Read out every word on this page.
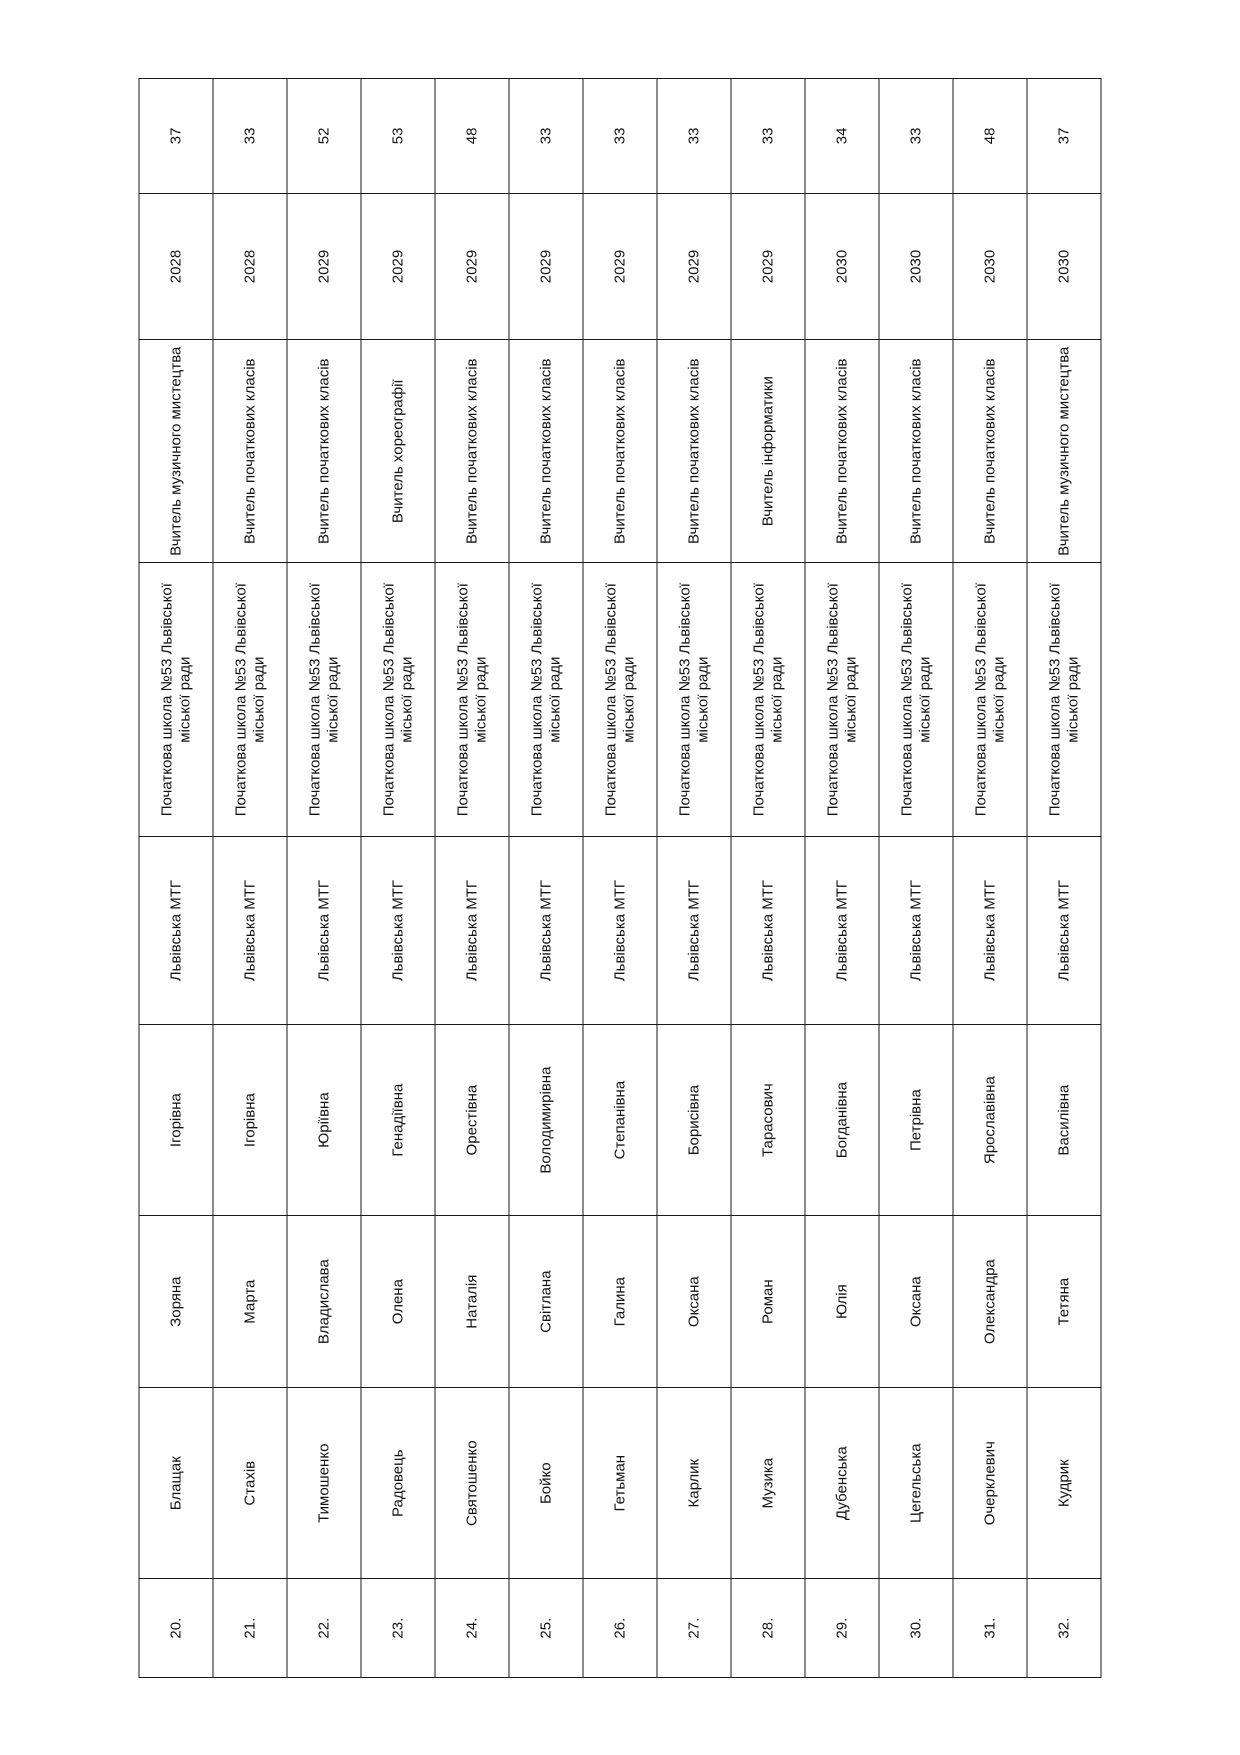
20.	Блащак	Зоряна	Ігорівна	Львівська МТГ	Початкова школа №53 Львівської міської ради	Вчитель музичного мистецтва	2028	37
21.	Стахів	Марта	Ігорівна	Львівська МТГ	Початкова школа №53 Львівської міської ради	Вчитель початкових класів	2028	33
22.	Тимошенко	Владислава	Юріївна	Львівська МТГ	Початкова школа №53 Львівської міської ради	Вчитель початкових класів	2029	52
23.	Радовець	Олена	Генадіївна	Львівська МТГ	Початкова школа №53 Львівської міської ради	Вчитель хореографії	2029	53
24.	Святошенко	Наталія	Орестівна	Львівська МТГ	Початкова школа №53 Львівської міської ради	Вчитель початкових класів	2029	48
25.	Бойко	Світлана	Володимирівна	Львівська МТГ	Початкова школа №53 Львівської міської ради	Вчитель початкових класів	2029	33
26.	Гетьман	Галина	Степанівна	Львівська МТГ	Початкова школа №53 Львівської міської ради	Вчитель початкових класів	2029	33
27.	Карлик	Оксана	Борисівна	Львівська МТГ	Початкова школа №53 Львівської міської ради	Вчитель початкових класів	2029	33
28.	Музика	Роман	Тарасович	Львівська МТГ	Початкова школа №53 Львівської міської ради	Вчитель інформатики	2029	33
29.	Дубенська	Юлія	Богданівна	Львівська МТГ	Початкова школа №53 Львівської міської ради	Вчитель початкових класів	2030	34
30.	Цегельська	Оксана	Петрівна	Львівська МТГ	Початкова школа №53 Львівської міської ради	Вчитель початкових класів	2030	33
31.	Очерклевич	Олександра	Ярославівна	Львівська МТГ	Початкова школа №53 Львівської міської ради	Вчитель початкових класів	2030	48
32.	Кудрик	Тетяна	Василівна	Львівська МТГ	Початкова школа №53 Львівської міської ради	Вчитель музичного мистецтва	2030	37
